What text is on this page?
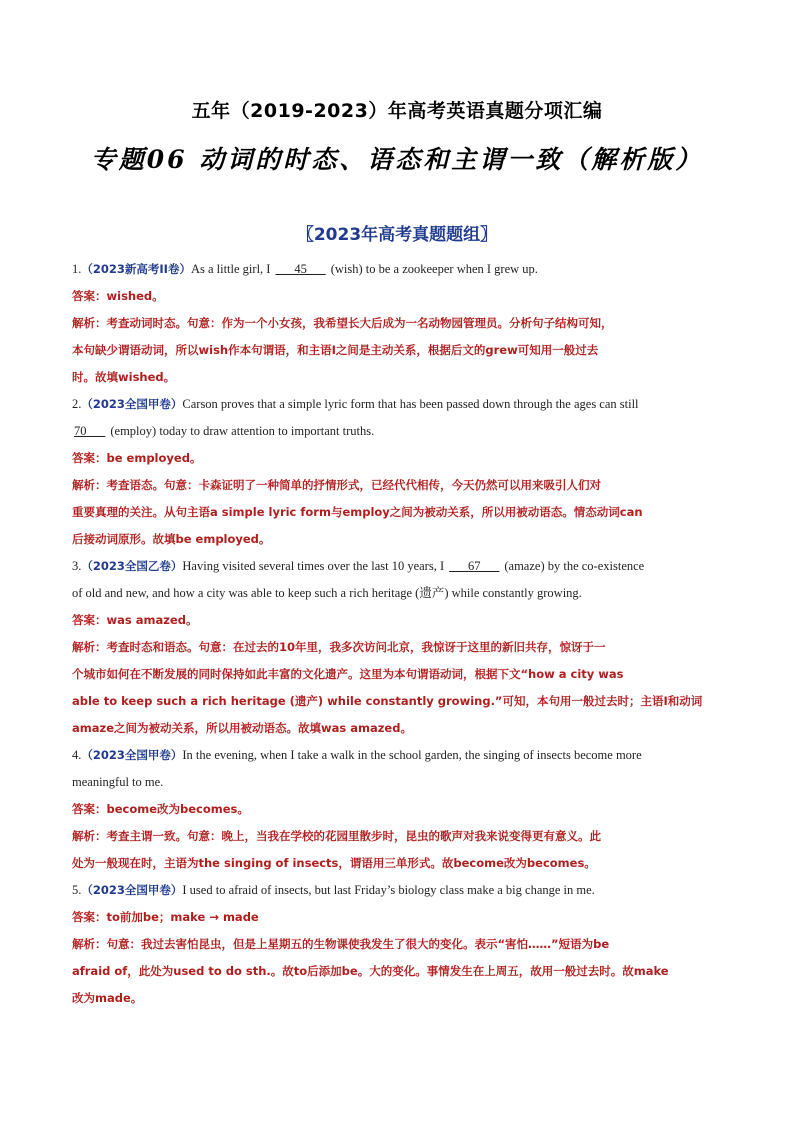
五年（2019-2023）年高考英语真题分项汇编
专题06 动词的时态、语态和主谓一致（解析版）
〖2023年高考真题题组〗
1.（2023新高考II卷）As a little girl, I ___45___ (wish) to be a zookeeper when I grew up.
答案：wished。
解析：考查动词时态。句意：作为一个小女孩，我希望长大后成为一名动物园管理员。分析句子结构可知，
本句缺少谓语动词，所以wish作本句谓语，和主语I之间是主动关系，根据后文的grew可知用一般过去
时。故填wished。
2.（2023全国甲卷）Carson proves that a simple lyric form that has been passed down through the ages can still
70___ (employ) today to draw attention to important truths.
答案：be employed。
解析：考查语态。句意：卡森证明了一种简单的抒情形式，已经代代相传，今天仍然可以用来吸引人们对
重要真理的关注。从句主语a simple lyric form与employ之间为被动关系，所以用被动语态。情态动词can
后接动词原形。故填be employed。
3.（2023全国乙卷）Having visited several times over the last 10 years, I ___67___ (amaze) by the co-existence
of old and new, and how a city was able to keep such a rich heritage (遗产) while constantly growing.
答案：was amazed。
解析：考查时态和语态。句意：在过去的10年里，我多次访问北京，我惊讶于这里的新旧共存，惊讶于一
个城市如何在不断发展的同时保持如此丰富的文化遗产。这里为本句谓语动词，根据下文“how a city was
able to keep such a rich heritage (遗产) while constantly growing.”可知，本句用一般过去时；主语I和动词
amaze之间为被动关系，所以用被动语态。故填was amazed。
4.（2023全国甲卷）In the evening, when I take a walk in the school garden, the singing of insects become more
meaningful to me.
答案：become改为becomes。
解析：考查主谓一致。句意：晚上，当我在学校的花园里散步时，昆虫的歌声对我来说变得更有意义。此
处为一般现在时，主语为the singing of insects，谓语用三单形式。故become改为becomes。
5.（2023全国甲卷）I used to afraid of insects, but last Friday’s biology class make a big change in me.
答案：to前加be；make → made
解析：句意：我过去害怕昆虫，但是上星期五的生物课使我发生了很大的变化。表示“害怕……”短语为be
afraid of，此处为used to do sth.。故to后添加be。大的变化。事情发生在上周五，故用一般过去时。故make
改为made。
